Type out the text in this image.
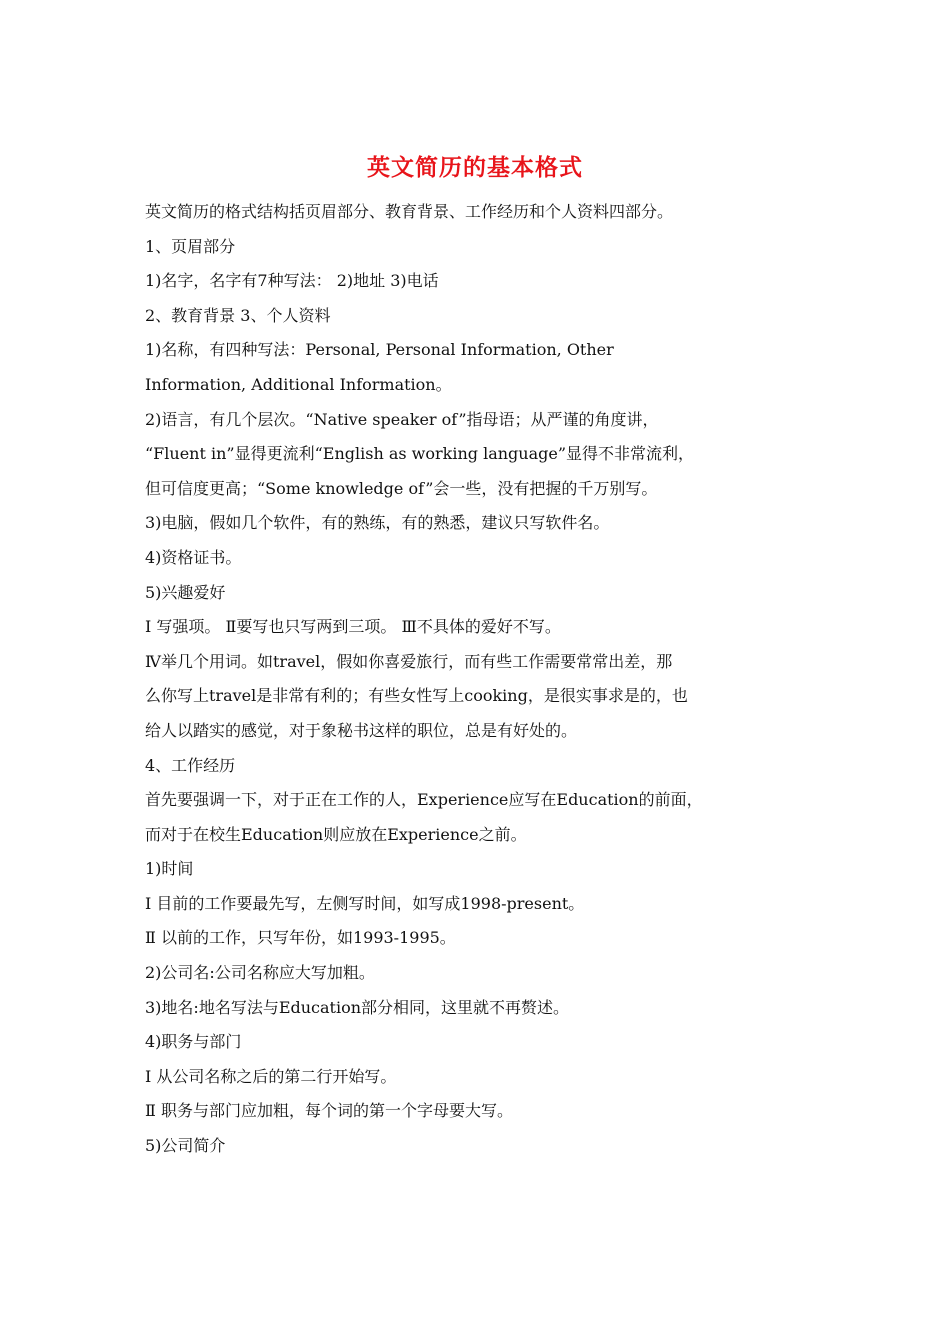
英文简历的基本格式
英文简历的格式结构括页眉部分、教育背景、工作经历和个人资料四部分。
1、页眉部分
1)名字，名字有7种写法： 2)地址 3)电话
2、教育背景 3、个人资料
1)名称，有四种写法：Personal, Personal Information, Other
Information, Additional Information。
2)语言，有几个层次。“Native speaker of”指母语；从严谨的角度讲，
“Fluent in”显得更流利“English as working language”显得不非常流利，
但可信度更高；“Some knowledge of”会一些，没有把握的千万别写。
3)电脑，假如几个软件，有的熟练，有的熟悉，建议只写软件名。
4)资格证书。
5)兴趣爱好
Ⅰ 写强项。 Ⅱ要写也只写两到三项。 Ⅲ不具体的爱好不写。
Ⅳ举几个用词。如travel，假如你喜爱旅行，而有些工作需要常常出差，那
么你写上travel是非常有利的；有些女性写上cooking，是很实事求是的，也
给人以踏实的感觉，对于象秘书这样的职位，总是有好处的。
4、工作经历
首先要强调一下，对于正在工作的人，Experience应写在Education的前面，
而对于在校生Education则应放在Experience之前。
1)时间
Ⅰ 目前的工作要最先写，左侧写时间，如写成1998-present。
Ⅱ 以前的工作，只写年份，如1993-1995。
2)公司名:公司名称应大写加粗。
3)地名:地名写法与Education部分相同，这里就不再赘述。
4)职务与部门
Ⅰ 从公司名称之后的第二行开始写。
Ⅱ 职务与部门应加粗，每个词的第一个字母要大写。
5)公司简介
